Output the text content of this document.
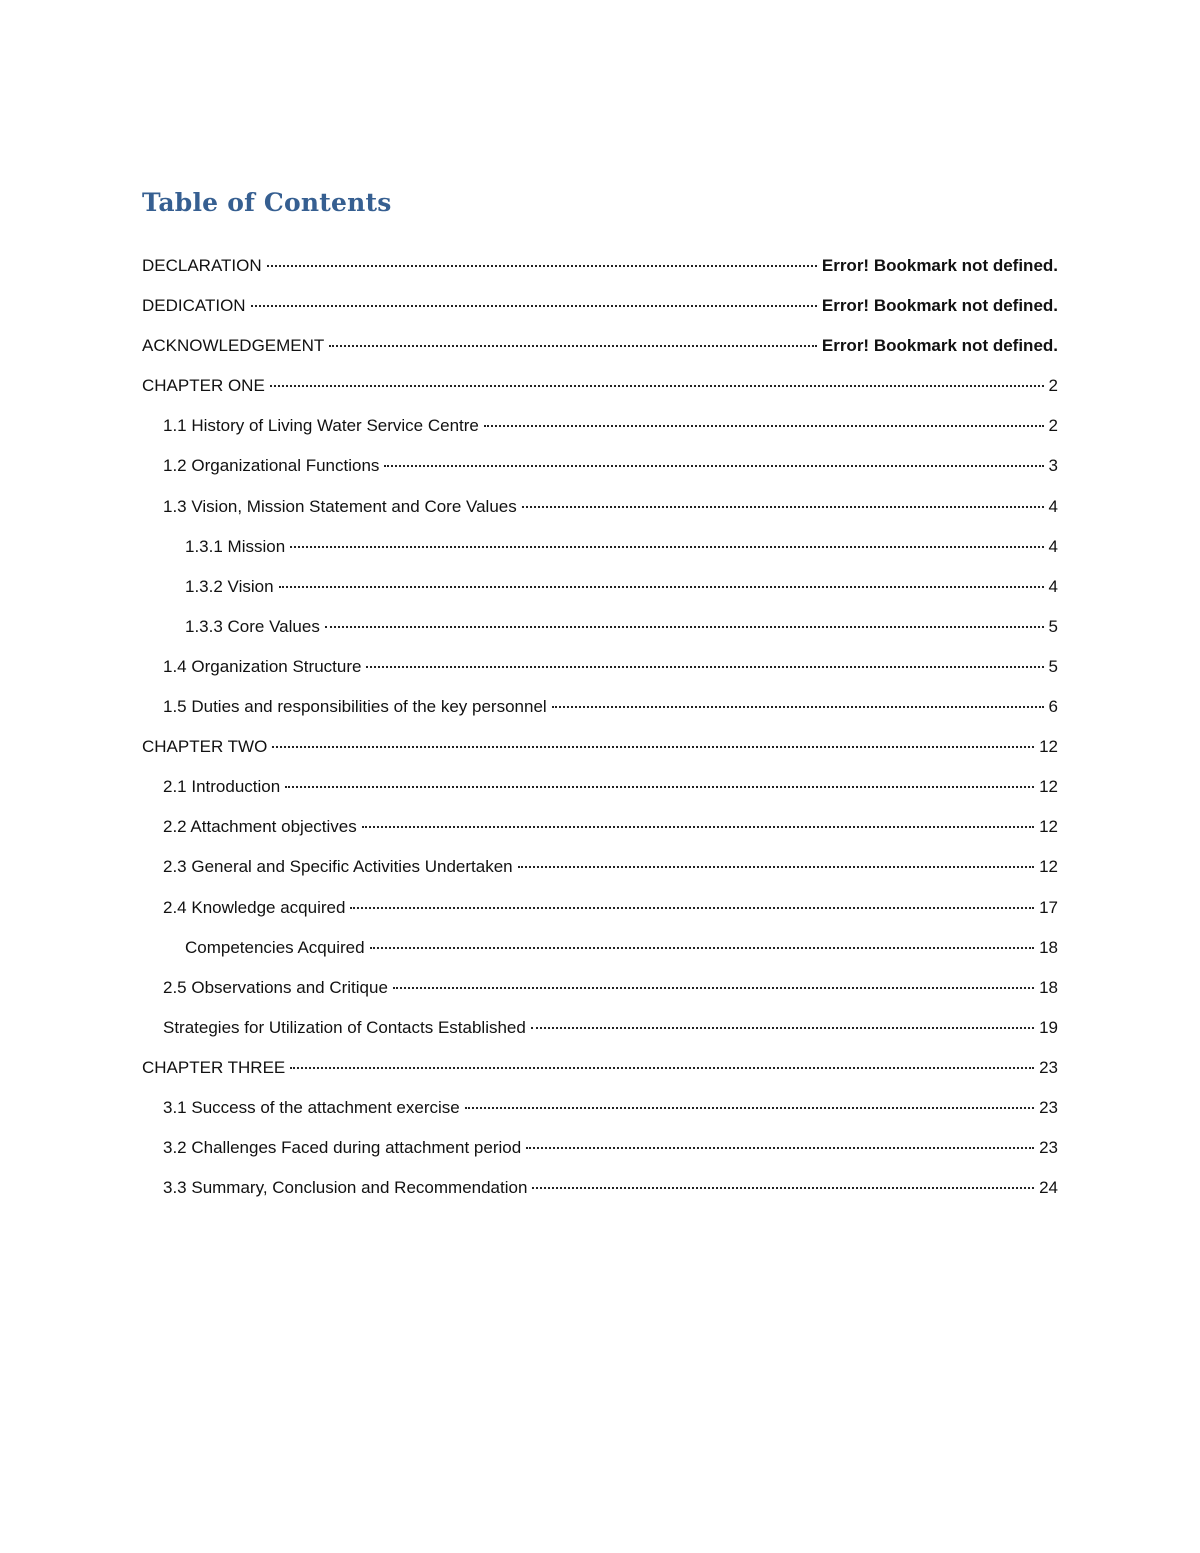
Table of Contents
DECLARATION	Error! Bookmark not defined.
DEDICATION	Error! Bookmark not defined.
ACKNOWLEDGEMENT	Error! Bookmark not defined.
CHAPTER ONE	2
1.1 History of Living Water Service Centre	2
1.2 Organizational Functions	3
1.3 Vision, Mission Statement and Core Values	4
1.3.1 Mission	4
1.3.2 Vision	4
1.3.3 Core Values	5
1.4 Organization Structure	5
1.5 Duties and responsibilities of the key personnel	6
CHAPTER TWO	12
2.1 Introduction	12
2.2 Attachment objectives	12
2.3 General and Specific Activities Undertaken	12
2.4 Knowledge acquired	17
Competencies Acquired	18
2.5 Observations and Critique	18
Strategies for Utilization of Contacts Established	19
CHAPTER THREE	23
3.1 Success of the attachment exercise	23
3.2 Challenges Faced during attachment period	23
3.3 Summary, Conclusion and Recommendation	24
